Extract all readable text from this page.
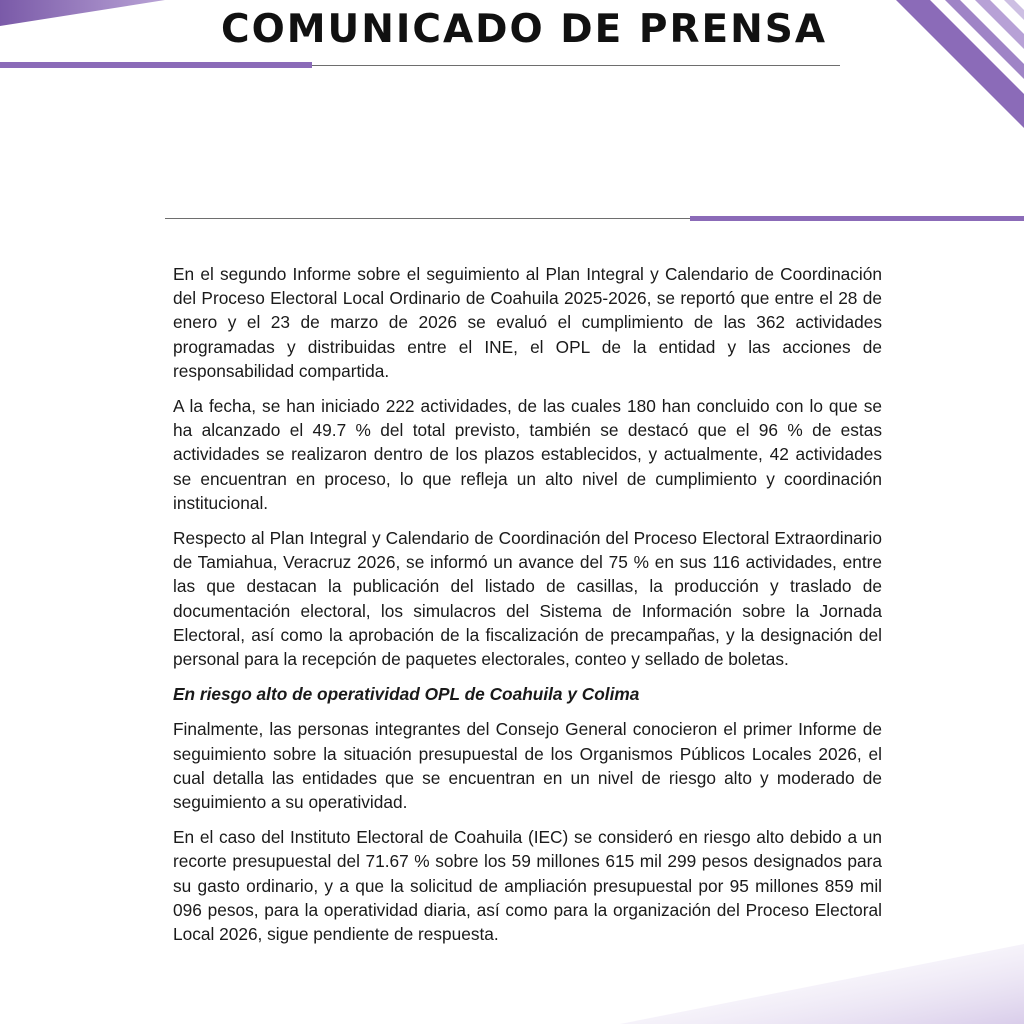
COMUNICADO DE PRENSA

En el segundo Informe sobre el seguimiento al Plan Integral y Calendario de Coordinación del Proceso Electoral Local Ordinario de Coahuila 2025-2026, se reportó que entre el 28 de enero y el 23 de marzo de 2026 se evaluó el cumplimiento de las 362 actividades programadas y distribuidas entre el INE, el OPL de la entidad y las acciones de responsabilidad compartida.

A la fecha, se han iniciado 222 actividades, de las cuales 180 han concluido con lo que se ha alcanzado el 49.7 % del total previsto, también se destacó que el 96 % de estas actividades se realizaron dentro de los plazos establecidos, y actualmente, 42 actividades se encuentran en proceso, lo que refleja un alto nivel de cumplimiento y coordinación institucional.

Respecto al Plan Integral y Calendario de Coordinación del Proceso Electoral Extraordinario de Tamiahua, Veracruz 2026, se informó un avance del 75 % en sus 116 actividades, entre las que destacan la publicación del listado de casillas, la producción y traslado de documentación electoral, los simulacros del Sistema de Información sobre la Jornada Electoral, así como la aprobación de la fiscalización de precampañas, y la designación del personal para la recepción de paquetes electorales, conteo y sellado de boletas.

En riesgo alto de operatividad OPL de Coahuila y Colima

Finalmente, las personas integrantes del Consejo General conocieron el primer Informe de seguimiento sobre la situación presupuestal de los Organismos Públicos Locales 2026, el cual detalla las entidades que se encuentran en un nivel de riesgo alto y moderado de seguimiento a su operatividad.

En el caso del Instituto Electoral de Coahuila (IEC) se consideró en riesgo alto debido a un recorte presupuestal del 71.67 % sobre los 59 millones 615 mil 299 pesos designados para su gasto ordinario, y a que la solicitud de ampliación presupuestal por 95 millones 859 mil 096 pesos, para la operatividad diaria, así como para la organización del Proceso Electoral Local 2026, sigue pendiente de respuesta.
